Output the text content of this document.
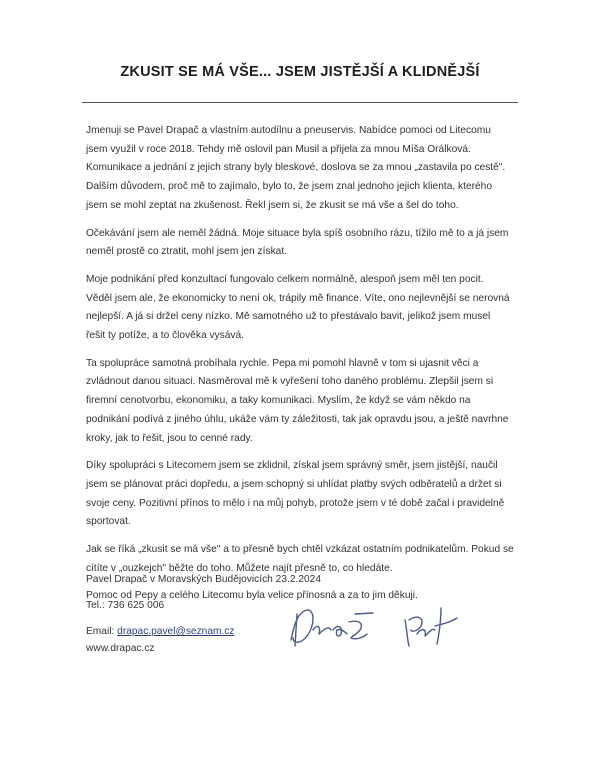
ZKUSIT SE MÁ VŠE... JSEM JISTĚJŠÍ A KLIDNĚJŠÍ

Jmenuji se Pavel Drapač a vlastním autodílnu a pneuservis. Nabídce pomoci od Litecomu

jsem využil v roce 2018. Tehdy mě oslovil pan Musil a přijela za mnou Míša Orálková.

Komunikace a jednání z jejich strany byly bleskové, doslova se za mnou „zastavila po cestě".

Dalším důvodem, proč mě to zajímalo, bylo to, že jsem znal jednoho jejich klienta, kterého

jsem se mohl zeptat na zkušenost. Řekl jsem si, že zkusit se má vše a šel do toho.

Očekávání jsem ale neměl žádná. Moje situace byla spíš osobního rázu, tížilo mě to a já jsem

neměl prostě co ztratit, mohl jsem jen získat.

Moje podnikání před konzultací fungovalo celkem normálně, alespoň jsem měl ten pocit.

Věděl jsem ale, že ekonomicky to není ok, trápily mě finance. Víte, ono nejlevnější se nerovná

nejlepší. A já si držel ceny nízko. Mě samotného už to přestávalo bavit, jelikož jsem musel

řešit ty potíže, a to člověka vysává.

Ta spolupráce samotná probíhala rychle. Pepa mi pomohl hlavně v tom si ujasnit věci a

zvládnout danou situaci. Nasměroval mě k vyřešení toho daného problému. Zlepšil jsem si

firemní cenotvorbu, ekonomiku, a taky komunikaci. Myslím, že když se vám někdo na

podnikání podívá z jiného úhlu, ukáže vám ty záležitosti, tak jak opravdu jsou, a ještě navrhne

kroky, jak to řešit, jsou to cenné rady.

Díky spolupráci s Litecomem jsem se zklidnil, získal jsem správný směr, jsem jistější, naučil

jsem se plánovat práci dopředu, a jsem schopný si uhlídat platby svých odběratelů a držet si

svoje ceny. Pozitivní přínos to mělo i na můj pohyb, protože jsem v té době začal i pravidelně

sportovat.

Jak se říká „zkusit se má vše" a to přesně bych chtěl vzkázat ostatním podnikatelům. Pokud se

cítíte v „ouzkejch" běžte do toho. Můžete najít přesně to, co hledáte.

Pomoc od Pepy a celého Litecomu byla velice přínosná a za to jim děkuji.

Pavel Drapač v Moravských Budějovicích 23.2.2024
Tel.: 736 625 006
Email: drapac.pavel@seznam.cz
www.drapac.cz
